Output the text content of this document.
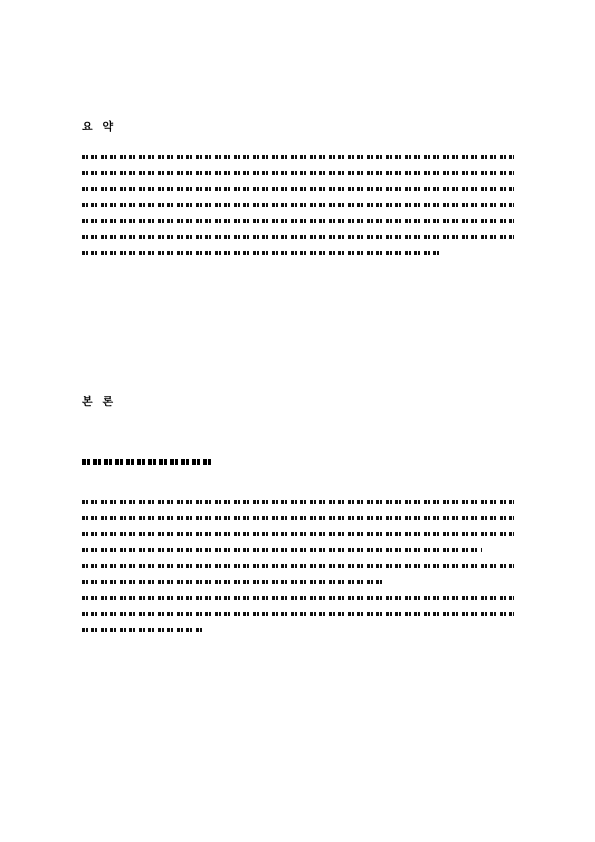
요 약
본 론
